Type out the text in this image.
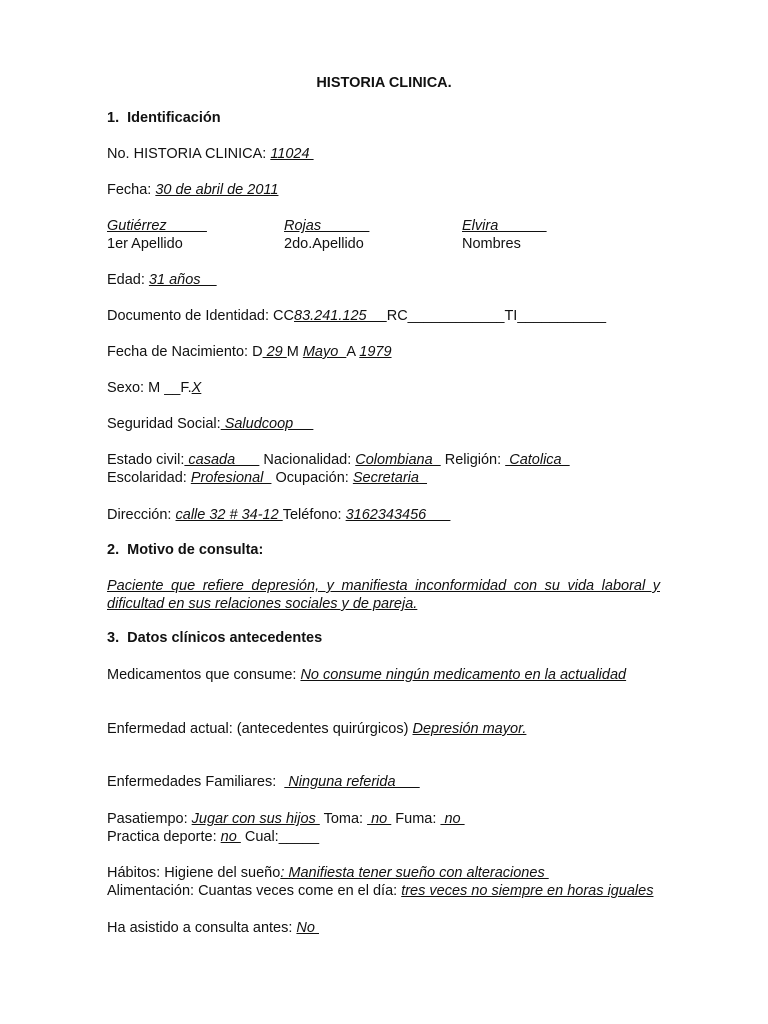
HISTORIA CLINICA.
1. Identificación
No. HISTORIA CLINICA: 11024
Fecha: 30 de abril de 2011
Gutiérrez
1er Apellido
Rojas
2do.Apellido
Elvira
Nombres
Edad: 31 años
Documento de Identidad: CC83.241.125     RC____________TI___________
Fecha de Nacimiento: D 29 M Mayo  A 1979
Sexo: M __F.X
Seguridad Social: Saludcoop
Estado civil: casada       Nacionalidad: Colombiana   Religión:  Catolica
Escolaridad: Profesional   Ocupación: Secretaria
Dirección: calle 32 # 34-12 Teléfono: 3162343456
2. Motivo de consulta:
Paciente que refiere depresión, y manifiesta inconformidad con su vida laboral y dificultad en sus relaciones sociales y de pareja.
3. Datos clínicos antecedentes
Medicamentos que consume: No consume ningún medicamento en la actualidad
Enfermedad actual: (antecedentes quirúrgicos) Depresión mayor.
Enfermedades Familiares:   Ninguna referida
Pasatiempo: Jugar con sus hijos  Toma:  no  Fuma:  no
Practica deporte: no  Cual:_____
Hábitos: Higiene del sueño: Manifiesta tener sueño con alteraciones
Alimentación: Cuantas veces come en el día: tres veces no siempre en horas iguales
Ha asistido a consulta antes: No
